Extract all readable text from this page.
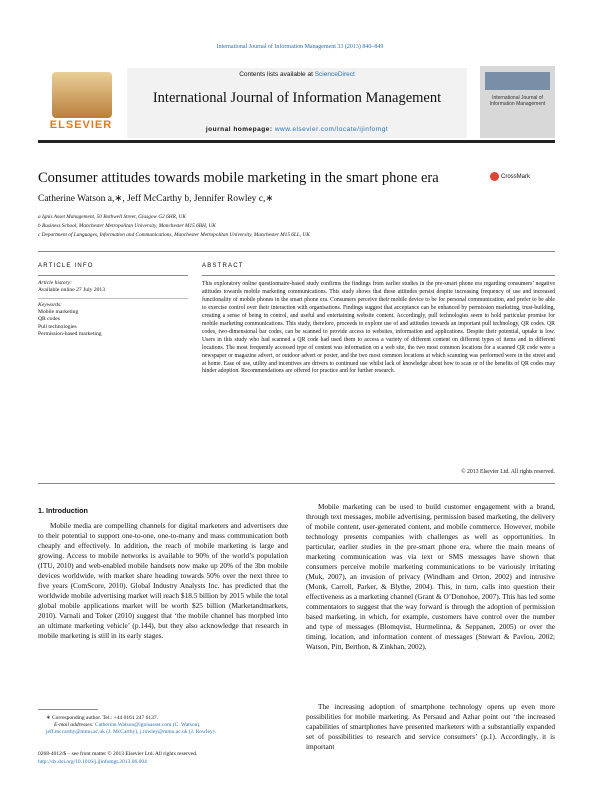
International Journal of Information Management 33 (2013) 840–849
ELSEVIER
Contents lists available at ScienceDirect
International Journal of Information Management
journal homepage: www.elsevier.com/locate/ijinfomgt
International Journal of Information Management
Consumer attitudes towards mobile marketing in the smart phone era	CrossMark
Catherine Watson a,∗, Jeff McCarthy b, Jennifer Rowley c,∗
a Ignis Asset Management, 50 Bothwell Street, Glasgow G2 6HR, UK
b Business School, Manchester Metropolitan University, Manchester M15 6BH, UK
c Department of Languages, Information and Communications, Manchester Metropolitan University, Manchester M15 6LL, UK
ARTICLE INFO
Article history:
Available online 27 July 2013
Keywords:
Mobile marketing
QR codes
Pull technologies
Permission-based marketing
ABSTRACT
This exploratory online questionnaire-based study confirms the findings from earlier studies in the pre-smart phone era regarding consumers’ negative attitudes towards mobile marketing communications. This study shows that these attitudes persist despite increasing frequency of use and increased functionality of mobile phones in the smart phone era. Consumers perceive their mobile device to be for personal communication, and prefer to be able to exercise control over their interaction with organisations. Findings suggest that acceptance can be enhanced by permission marketing, trust-building, creating a sense of being in control, and useful and entertaining website content. Accordingly, pull technologies seem to hold particular promise for mobile marketing communications. This study, therefore, proceeds to explore use of and attitudes towards an important pull technology, QR codes. QR codes, two-dimensional bar codes, can be scanned to provide access to websites, information and applications. Despite their potential, uptake is low. Users in this study who had scanned a QR code had used them to access a variety of different content on different types of items and in different locations. The most frequently accessed type of content was information on a web site, the two most common locations for a scanned QR code were a newspaper or magazine advert, or outdoor advert or poster, and the two most common locations at which scanning was performed were in the street and at home. Ease of use, utility and incentives are drivers to continued use whilst lack of knowledge about how to scan or of the benefits of QR codes may hinder adoption. Recommendations are offered for practice and for further research.
© 2013 Elsevier Ltd. All rights reserved.
1. Introduction
Mobile media are compelling channels for digital marketers and advertisers due to their potential to support one-to-one, one-to-many and mass communication both cheaply and effectively. In addition, the reach of mobile marketing is large and growing. Access to mobile networks is available to 90% of the world’s population (ITU, 2010) and web-enabled mobile handsets now make up 20% of the 3bn mobile devices worldwide, with market share heading towards 50% over the next three to five years (ComScore, 2010). Global Industry Analysts Inc. has predicted that the worldwide mobile advertising market will reach $18.5 billion by 2015 while the total global mobile applications market will be worth $25 billion (Marketandmarkets, 2010). Varnali and Toker (2010) suggest that ‘the mobile channel has morphed into an ultimate marketing vehicle’ (p.144), but they also acknowledge that research in mobile marketing is still in its early stages.
Mobile marketing can be used to build customer engagement with a brand, through text messages, mobile advertising, permission based marketing, the delivery of mobile content, user-generated content, and mobile commerce. However, mobile technology presents companies with challenges as well as opportunities. In particular, earlier studies in the pre-smart phone era, where the main means of marketing communication was via text or SMS messages have shown that consumers perceive mobile marketing communications to be variously irritating (Muk, 2007), an invasion of privacy (Windham and Orton, 2002) and intrusive (Monk, Carroll, Parker, & Blythe, 2004). This, in turn, calls into question their effectiveness as a marketing channel (Grant & O’Donohoe, 2007). This has led some commentators to suggest that the way forward is through the adoption of permission based marketing, in which, for example, customers have control over the number and type of messages (Blomqvist, Hurmelinna, & Seppanen, 2005) or over the timing, location, and information content of messages (Stewart & Pavlou, 2002; Watson, Pitt, Berthon, & Zinkhan, 2002).
The increasing adoption of smartphone technology opens up even more possibilities for mobile marketing. As Persaud and Azhar point out ‘the increased capabilities of smartphones have presented marketers with a substantially expanded set of possibilities to research and service consumers’ (p.1). Accordingly, it is important
∗ Corresponding author. Tel.: +44 0161 247 6137.
E-mail addresses: Catherine.Watson@ignisasset.com (C. Watson),
jeff.mccarthy@mmu.ac.uk (J. McCarthy), j.rowley@mmu.ac.uk (J. Rowley).
0268-4012/$ – see front matter © 2013 Elsevier Ltd. All rights reserved.
http://dx.doi.org/10.1016/j.ijinfomgt.2013.06.004
